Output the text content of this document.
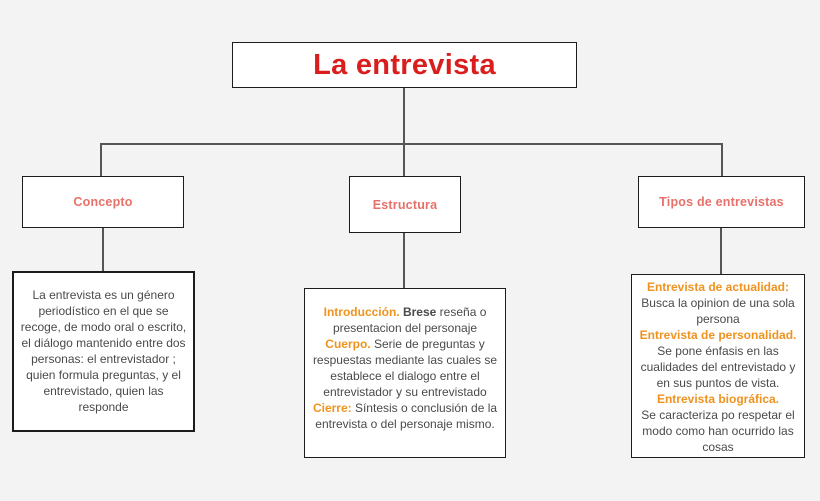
La entrevista
Concepto	Estructura	Tipos de entrevistas

La entrevista es un género periodístico en el que se recoge, de modo oral o escrito, el diálogo mantenido entre dos personas: el entrevistador ; quien formula preguntas, y el entrevistado, quien las responde

Introducción. Brese reseña o presentacion del personaje

Cuerpo. Serie de preguntas y respuestas mediante las cuales se establece el dialogo entre el entrevistador y su entrevistado

Cierre: Síntesis o conclusión de la entrevista o del personaje mismo.

Entrevista de actualidad:
Busca la opinion de una sola persona
Entrevista de personalidad.
Se pone énfasis en las cualidades del entrevistado y en sus puntos de vista.
Entrevista biográfica.
Se caracteriza po respetar el modo como han ocurrido las cosas
